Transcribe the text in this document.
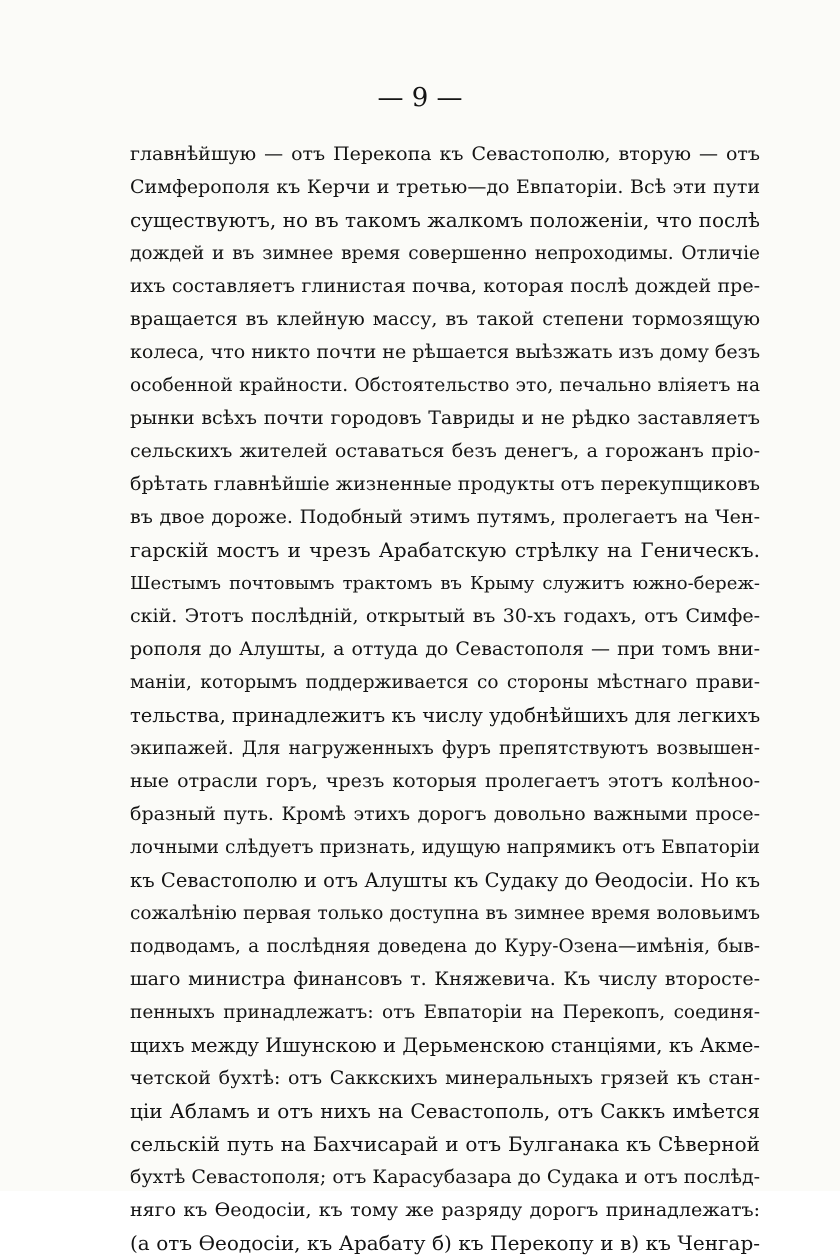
— 9 —
главнѣйшую — отъ Перекопа къ Севастополю, вторую — отъ
Симферополя къ Керчи и третью—до Евпаторіи. Всѣ эти пути
существуютъ, но въ такомъ жалкомъ положеніи, что послѣ
дождей и въ зимнее время совершенно непроходимы. Отличіе
ихъ составляетъ глинистая почва, которая послѣ дождей пре-
вращается въ клейную массу, въ такой степени тормозящую
колеса, что никто почти не рѣшается выѣзжать изъ дому безъ
особенной крайности. Обстоятельство это, печально вліяетъ на
рынки всѣхъ почти городовъ Тавриды и не рѣдко заставляетъ
сельскихъ жителей оставаться безъ денегъ, а горожанъ пріо-
брѣтать главнѣйшіе жизненные продукты отъ перекупщиковъ
въ двое дороже. Подобный этимъ путямъ, пролегаетъ на Чен-
гарскій мостъ и чрезъ Арабатскую стрѣлку на Геническъ.
Шестымъ почтовымъ трактомъ въ Крыму служитъ южно-береж-
скій. Этотъ послѣдній, открытый въ 30-хъ годахъ, отъ Симфе-
рополя до Алушты, а оттуда до Севастополя — при томъ вни-
маніи, которымъ поддерживается со стороны мѣстнаго прави-
тельства, принадлежитъ къ числу удобнѣйшихъ для легкихъ
экипажей. Для нагруженныхъ фуръ препятствуютъ возвышен-
ные отрасли горъ, чрезъ которыя пролегаетъ этотъ колѣноо-
бразный путь. Кромѣ этихъ дорогъ довольно важными просе-
лочными слѣдуетъ признать, идущую напрямикъ отъ Евпаторіи
къ Севастополю и отъ Алушты къ Судаку до Ѳеодосіи. Но къ
сожалѣнію первая только доступна въ зимнее время воловьимъ
подводамъ, а послѣдняя доведена до Куру-Озена—имѣнія, быв-
шаго министра финансовъ т. Княжевича. Къ числу второсте-
пенныхъ принадлежатъ: отъ Евпаторіи на Перекопъ, соединя-
щихъ между Ишунскою и Дерьменскою станціями, къ Акме-
четской бухтѣ: отъ Саккскихъ минеральныхъ грязей къ стан-
ціи Абламъ и отъ нихъ на Севастополь, отъ Саккъ имѣется
сельскій путь на Бахчисарай и отъ Булганака къ Сѣверной
бухтѣ Севастополя; отъ Карасубазара до Судака и отъ послѣд-
няго къ Ѳеодосіи, къ тому же разряду дорогъ принадлежатъ:
(а отъ Ѳеодосіи, къ Арабату б) къ Перекопу и в) къ Ченгар-
